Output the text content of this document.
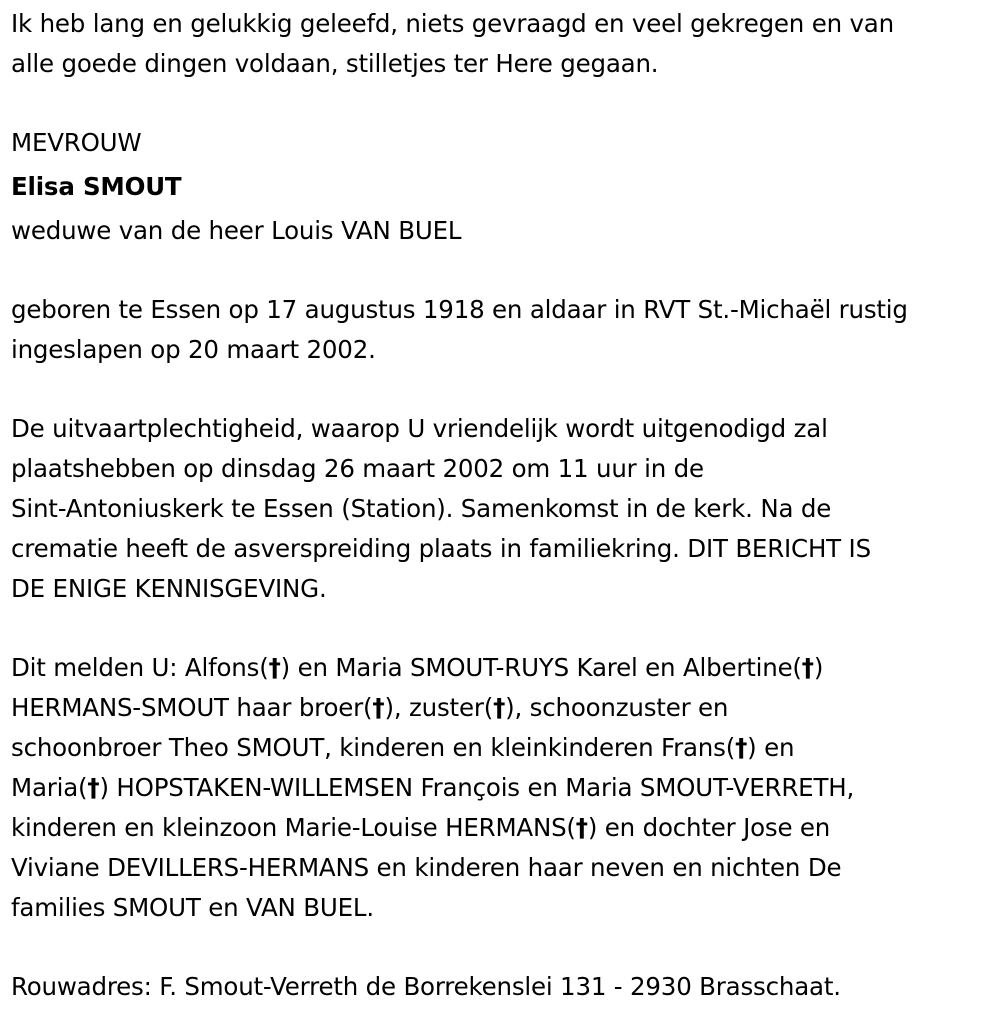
Ik heb lang en gelukkig geleefd, niets gevraagd en veel gekregen en van

alle goede dingen voldaan, stilletjes ter Here gegaan.

MEVROUW

Elisa SMOUT

weduwe van de heer Louis VAN BUEL

geboren te Essen op 17 augustus 1918 en aldaar in RVT St.-Michaël rustig

ingeslapen op 20 maart 2002.

De uitvaartplechtigheid, waarop U vriendelijk wordt uitgenodigd zal

plaatshebben op dinsdag 26 maart 2002 om 11 uur in de

Sint-Antoniuskerk te Essen (Station). Samenkomst in de kerk. Na de

crematie heeft de asverspreiding plaats in familiekring. DIT BERICHT IS

DE ENIGE KENNISGEVING.

Dit melden U: Alfons(†) en Maria SMOUT-RUYS Karel en Albertine(†)

HERMANS-SMOUT haar broer(†), zuster(†), schoonzuster en

schoonbroer Theo SMOUT, kinderen en kleinkinderen Frans(†) en

Maria(†) HOPSTAKEN-WILLEMSEN François en Maria SMOUT-VERRETH,

kinderen en kleinzoon Marie-Louise HERMANS(†) en dochter Jose en

Viviane DEVILLERS-HERMANS en kinderen haar neven en nichten De

families SMOUT en VAN BUEL.

Rouwadres: F. Smout-Verreth de Borrekenslei 131 - 2930 Brasschaat.
